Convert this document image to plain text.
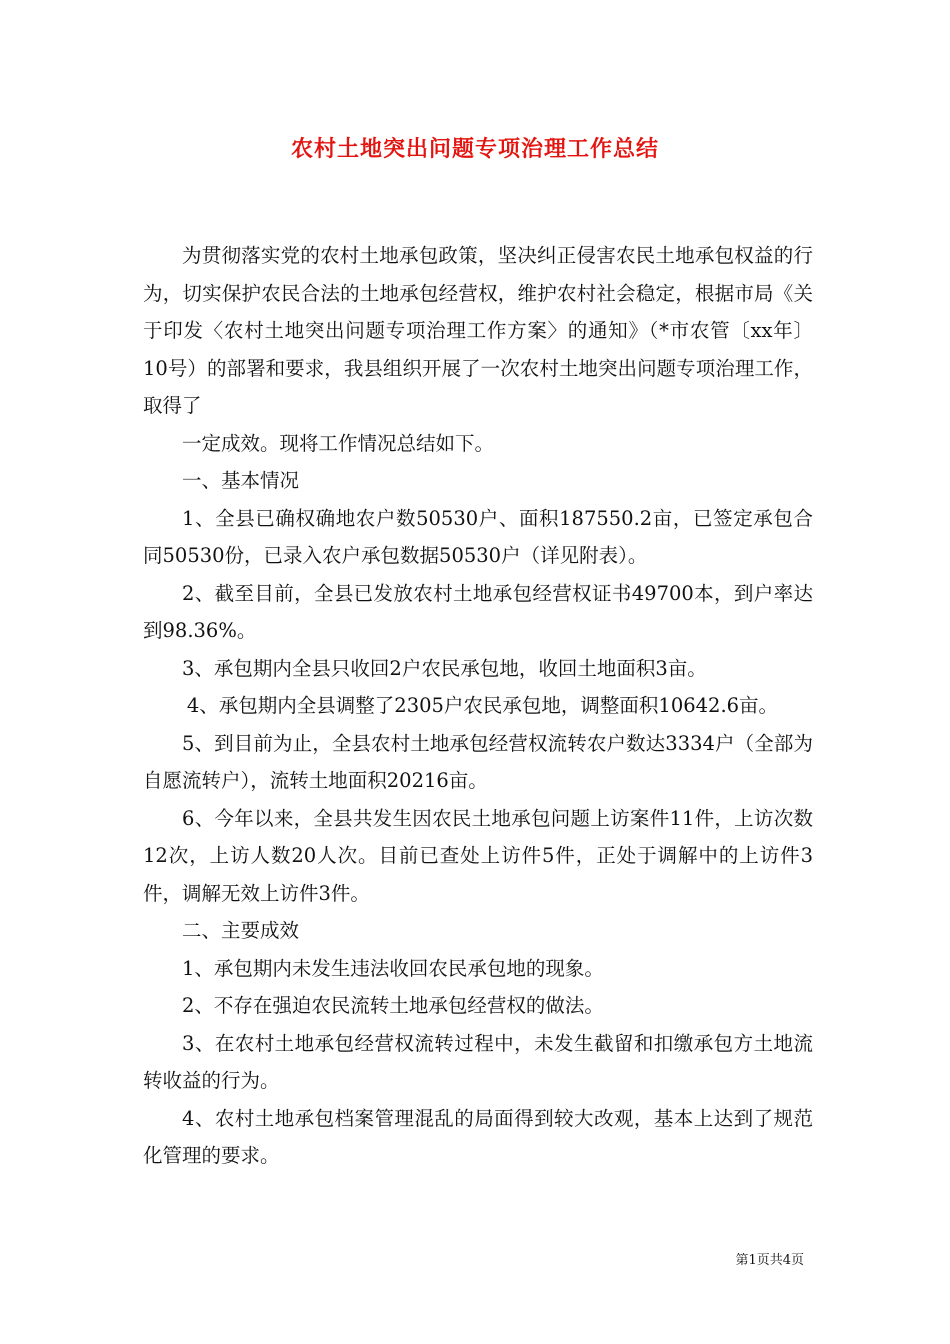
农村土地突出问题专项治理工作总结

为贯彻落实党的农村土地承包政策，坚决纠正侵害农民土地承包权益的行为，切实保护农民合法的土地承包经营权，维护农村社会稳定，根据市局《关于印发〈农村土地突出问题专项治理工作方案〉的通知》（*市农管〔xx年〕10号）的部署和要求，我县组织开展了一次农村土地突出问题专项治理工作，取得了

一定成效。现将工作情况总结如下。

一、基本情况

1、全县已确权确地农户数50530户、面积187550.2亩，已签定承包合同50530份，已录入农户承包数据50530户（详见附表）。

2、截至目前，全县已发放农村土地承包经营权证书49700本，到户率达到98.36%。

3、承包期内全县只收回2户农民承包地，收回土地面积3亩。

4、承包期内全县调整了2305户农民承包地，调整面积10642.6亩。

5、到目前为止，全县农村土地承包经营权流转农户数达3334户（全部为自愿流转户），流转土地面积20216亩。

6、今年以来，全县共发生因农民土地承包问题上访案件11件，上访次数12次，上访人数20人次。目前已查处上访件5件，正处于调解中的上访件3件，调解无效上访件3件。

二、主要成效

1、承包期内未发生违法收回农民承包地的现象。

2、不存在强迫农民流转土地承包经营权的做法。

3、在农村土地承包经营权流转过程中，未发生截留和扣缴承包方土地流转收益的行为。

4、农村土地承包档案管理混乱的局面得到较大改观，基本上达到了规范化管理的要求。

第1页共4页
